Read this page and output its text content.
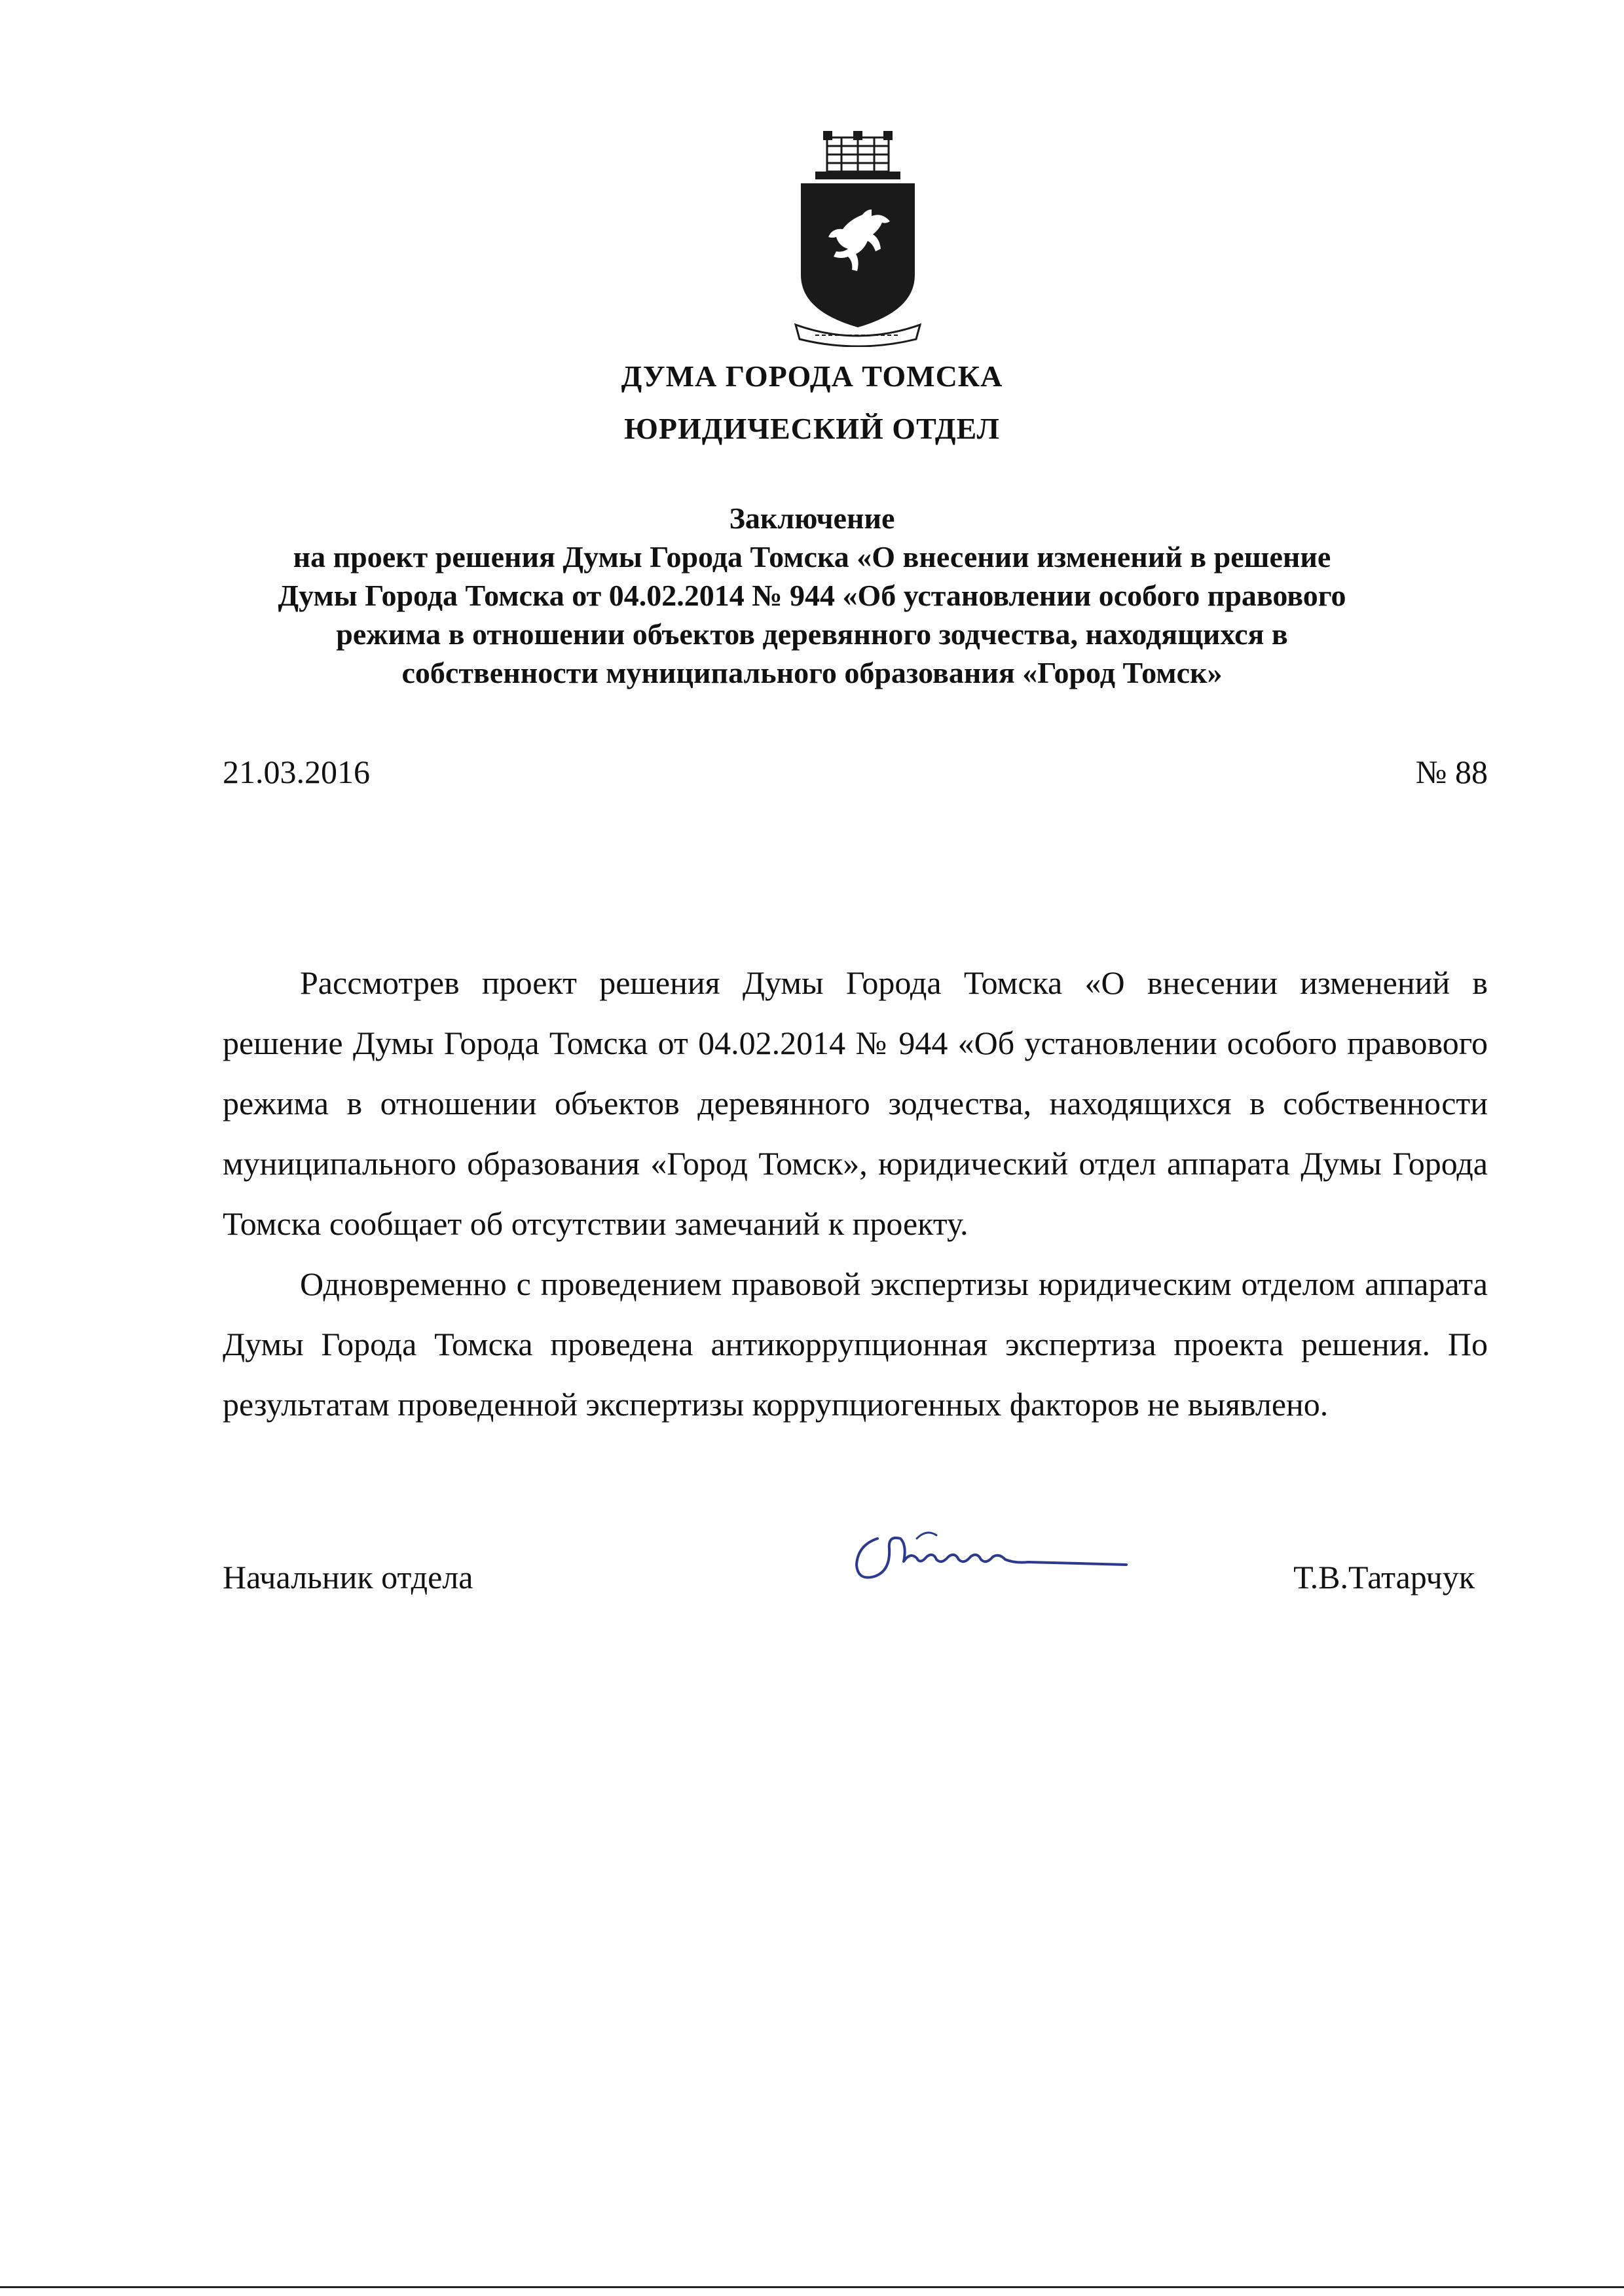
ДУМА ГОРОДА ТОМСКА
ЮРИДИЧЕСКИЙ ОТДЕЛ
Заключение
на проект решения Думы Города Томска «О внесении изменений в решение
Думы Города Томска от 04.02.2014 № 944 «Об установлении особого правового
режима в отношении объектов деревянного зодчества, находящихся в
собственности муниципального образования «Город Томск»
21.03.2016	№ 88

Рассмотрев проект решения Думы Города Томска «О внесении изменений в решение Думы Города Томска от 04.02.2014 № 944 «Об установлении особого правового режима в отношении объектов деревянного зодчества, находящихся в собственности муниципального образования «Город Томск», юридический отдел аппарата Думы Города Томска сообщает об отсутствии замечаний к проекту.

Одновременно с проведением правовой экспертизы юридическим отделом аппарата Думы Города Томска проведена антикоррупционная экспертиза проекта решения. По результатам проведенной экспертизы коррупциогенных факторов не выявлено.

Начальник отдела	Т.В.Татарчук
